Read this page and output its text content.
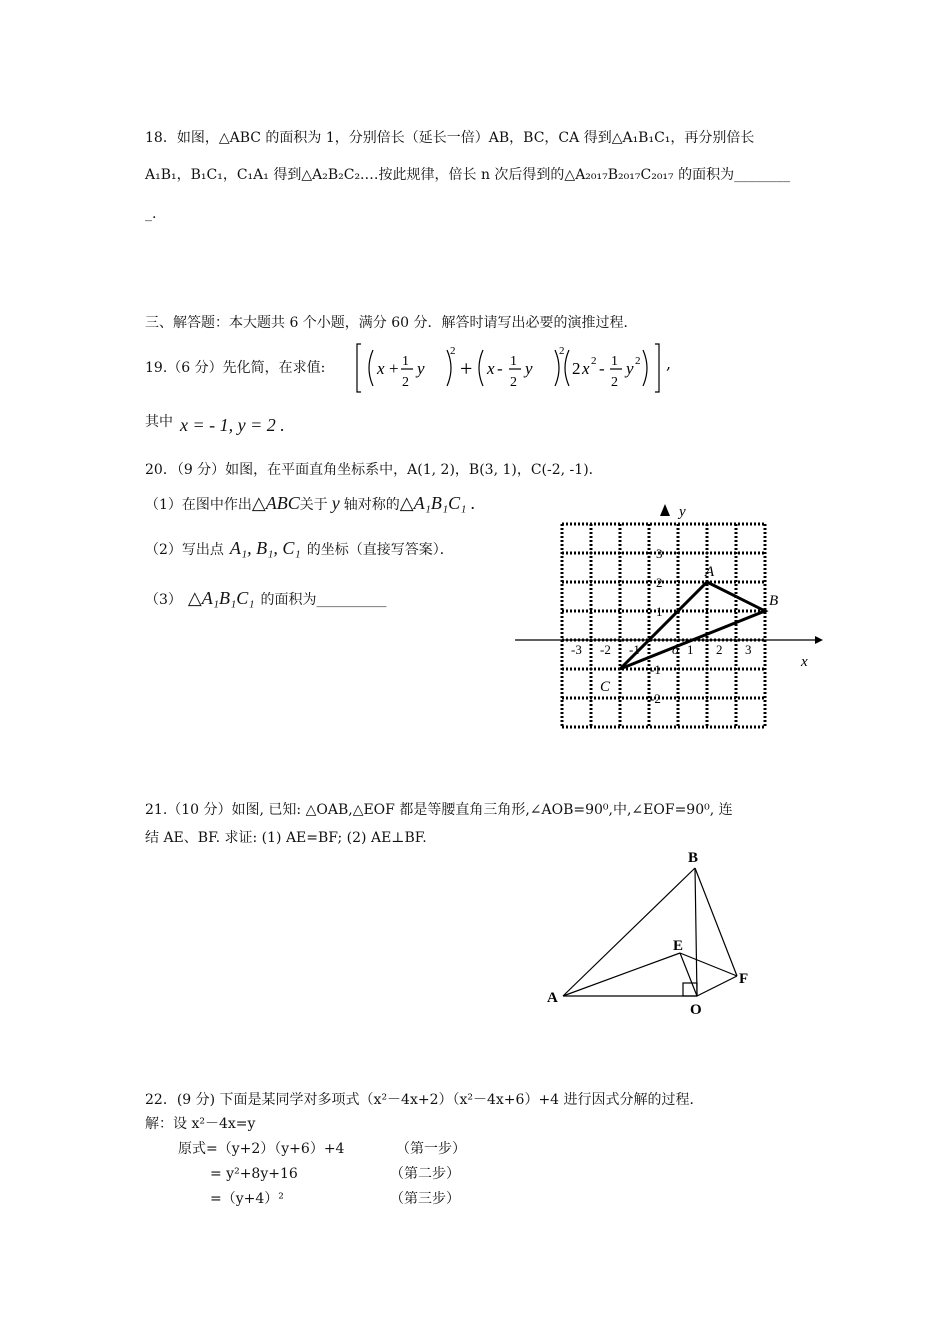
18．如图，△ABC 的面积为 1，分别倍长（延长一倍）AB，BC，CA 得到△A₁B₁C₁，再分别倍长
A₁B₁，B₁C₁，C₁A₁ 得到△A₂B₂C₂.…按此规律，倍长 n 次后得到的△A₂₀₁₇B₂₀₁₇C₂₀₁₇ 的面积为________
_.
三、解答题：本大题共 6 个小题，满分 60 分．解答时请写出必要的演推过程．
19.（6 分）先化简，在求值:	x + 1
2
y
2
+ x - 1
2
y
2
2 x 2 - 1
2
y 2 ,
其中 x = - 1, y = 2 .
20．（9 分）如图，在平面直角坐标系中，A(1, 2)，B(3, 1)，C(-2, -1)．
（1）在图中作出△ABC关于 y 轴对称的△A₁B₁C₁ .
（2）写出点 A₁, B₁, C₁ 的坐标（直接写答案）．
（3） △A₁B₁C₁ 的面积为__________
x
y
-3 -2 -1 o 1 2 3
3
2
1
-1
-2
A
B
C
21.（10 分）如图, 已知: △OAB,△EOF 都是等腰直角三角形,∠AOB=90⁰,中,∠EOF=90⁰, 连
结 AE、BF. 求证: (1) AE=BF; (2) AE⊥BF.
A
B
E
F
O
22．(9 分) 下面是某同学对多项式（x²－4x+2）（x²－4x+6）+4 进行因式分解的过程．
解：设 x²－4x=y
原式=（y+2）（y+6）+4	（第一步）
= y²+8y+16	（第二步）
=（y+4）²	（第三步）
